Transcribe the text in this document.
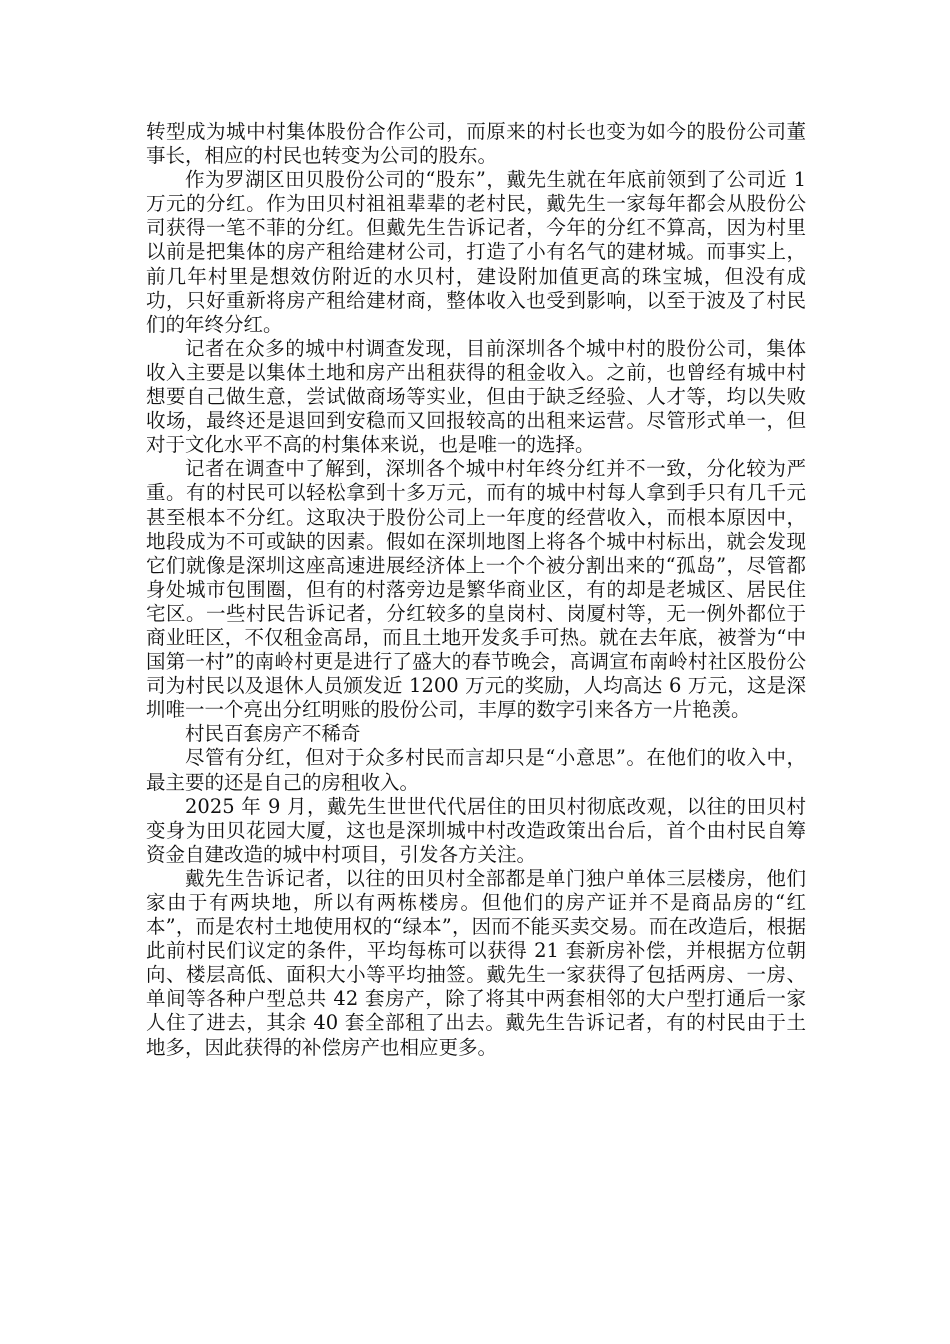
转型成为城中村集体股份合作公司，而原来的村长也变为如今的股份公司董事长，相应的村民也转变为公司的股东。

作为罗湖区田贝股份公司的“股东”，戴先生就在年底前领到了公司近 1 万元的分红。作为田贝村祖祖辈辈的老村民，戴先生一家每年都会从股份公司获得一笔不菲的分红。但戴先生告诉记者，今年的分红不算高，因为村里以前是把集体的房产租给建材公司，打造了小有名气的建材城。而事实上，前几年村里是想效仿附近的水贝村，建设附加值更高的珠宝城，但没有成功，只好重新将房产租给建材商，整体收入也受到影响，以至于波及了村民们的年终分红。

记者在众多的城中村调查发现，目前深圳各个城中村的股份公司，集体收入主要是以集体土地和房产出租获得的租金收入。之前，也曾经有城中村想要自己做生意，尝试做商场等实业，但由于缺乏经验、人才等，均以失败收场，最终还是退回到安稳而又回报较高的出租来运营。尽管形式单一，但对于文化水平不高的村集体来说，也是唯一的选择。

记者在调查中了解到，深圳各个城中村年终分红并不一致，分化较为严重。有的村民可以轻松拿到十多万元，而有的城中村每人拿到手只有几千元甚至根本不分红。这取决于股份公司上一年度的经营收入，而根本原因中，地段成为不可或缺的因素。假如在深圳地图上将各个城中村标出，就会发现它们就像是深圳这座高速进展经济体上一个个被分割出来的“孤岛”，尽管都身处城市包围圈，但有的村落旁边是繁华商业区，有的却是老城区、居民住宅区。一些村民告诉记者，分红较多的皇岗村、岗厦村等，无一例外都位于商业旺区，不仅租金高昂，而且土地开发炙手可热。就在去年底，被誉为“中国第一村”的南岭村更是进行了盛大的春节晚会，高调宣布南岭村社区股份公司为村民以及退休人员颁发近 1200 万元的奖励，人均高达 6 万元，这是深圳唯一一个亮出分红明账的股份公司，丰厚的数字引来各方一片艳羡。

村民百套房产不稀奇

尽管有分红，但对于众多村民而言却只是“小意思”。在他们的收入中，最主要的还是自己的房租收入。

2025 年 9 月，戴先生世世代代居住的田贝村彻底改观，以往的田贝村变身为田贝花园大厦，这也是深圳城中村改造政策出台后，首个由村民自筹资金自建改造的城中村项目，引发各方关注。

戴先生告诉记者，以往的田贝村全部都是单门独户单体三层楼房，他们家由于有两块地，所以有两栋楼房。但他们的房产证并不是商品房的“红本”，而是农村土地使用权的“绿本”，因而不能买卖交易。而在改造后，根据此前村民们议定的条件，平均每栋可以获得 21 套新房补偿，并根据方位朝向、楼层高低、面积大小等平均抽签。戴先生一家获得了包括两房、一房、单间等各种户型总共 42 套房产，除了将其中两套相邻的大户型打通后一家人住了进去，其余 40 套全部租了出去。戴先生告诉记者，有的村民由于土地多，因此获得的补偿房产也相应更多。
